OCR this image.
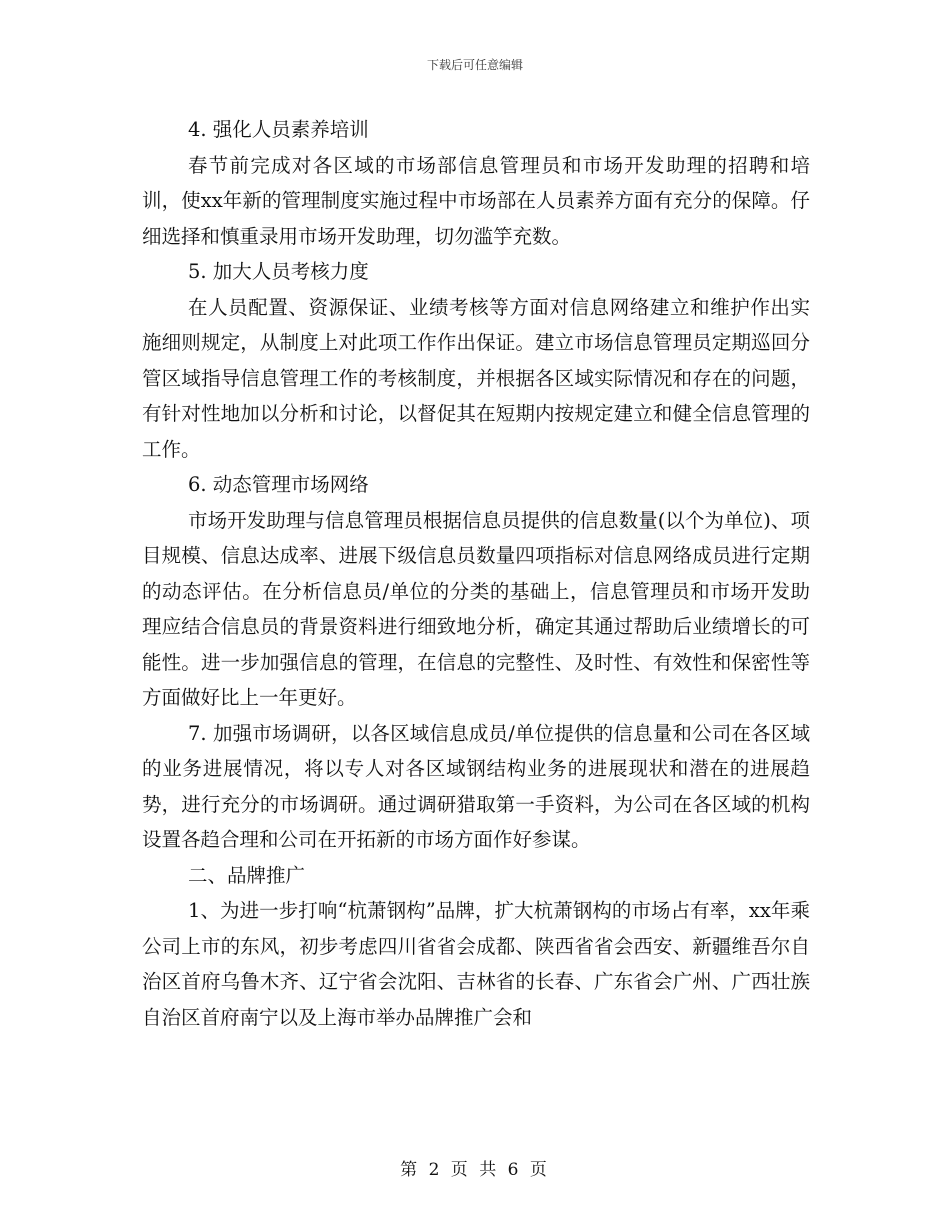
下载后可任意编辑

4. 强化人员素养培训

春节前完成对各区域的市场部信息管理员和市场开发助理的招聘和培训，使xx年新的管理制度实施过程中市场部在人员素养方面有充分的保障。仔细选择和慎重录用市场开发助理，切勿滥竽充数。

5. 加大人员考核力度

在人员配置、资源保证、业绩考核等方面对信息网络建立和维护作出实施细则规定，从制度上对此项工作作出保证。建立市场信息管理员定期巡回分管区域指导信息管理工作的考核制度，并根据各区域实际情况和存在的问题，有针对性地加以分析和讨论，以督促其在短期内按规定建立和健全信息管理的工作。

6. 动态管理市场网络

市场开发助理与信息管理员根据信息员提供的信息数量(以个为单位)、项目规模、信息达成率、进展下级信息员数量四项指标对信息网络成员进行定期的动态评估。在分析信息员/单位的分类的基础上，信息管理员和市场开发助理应结合信息员的背景资料进行细致地分析，确定其通过帮助后业绩增长的可能性。进一步加强信息的管理，在信息的完整性、及时性、有效性和保密性等方面做好比上一年更好。

7. 加强市场调研，以各区域信息成员/单位提供的信息量和公司在各区域的业务进展情况，将以专人对各区域钢结构业务的进展现状和潜在的进展趋势，进行充分的市场调研。通过调研猎取第一手资料，为公司在各区域的机构设置各趋合理和公司在开拓新的市场方面作好参谋。

二、品牌推广

1、为进一步打响“杭萧钢构”品牌，扩大杭萧钢构的市场占有率，xx年乘公司上市的东风，初步考虑四川省省会成都、陕西省省会西安、新疆维吾尔自治区首府乌鲁木齐、辽宁省会沈阳、吉林省的长春、广东省会广州、广西壮族自治区首府南宁以及上海市举办品牌推广会和

第 2 页 共 6 页
